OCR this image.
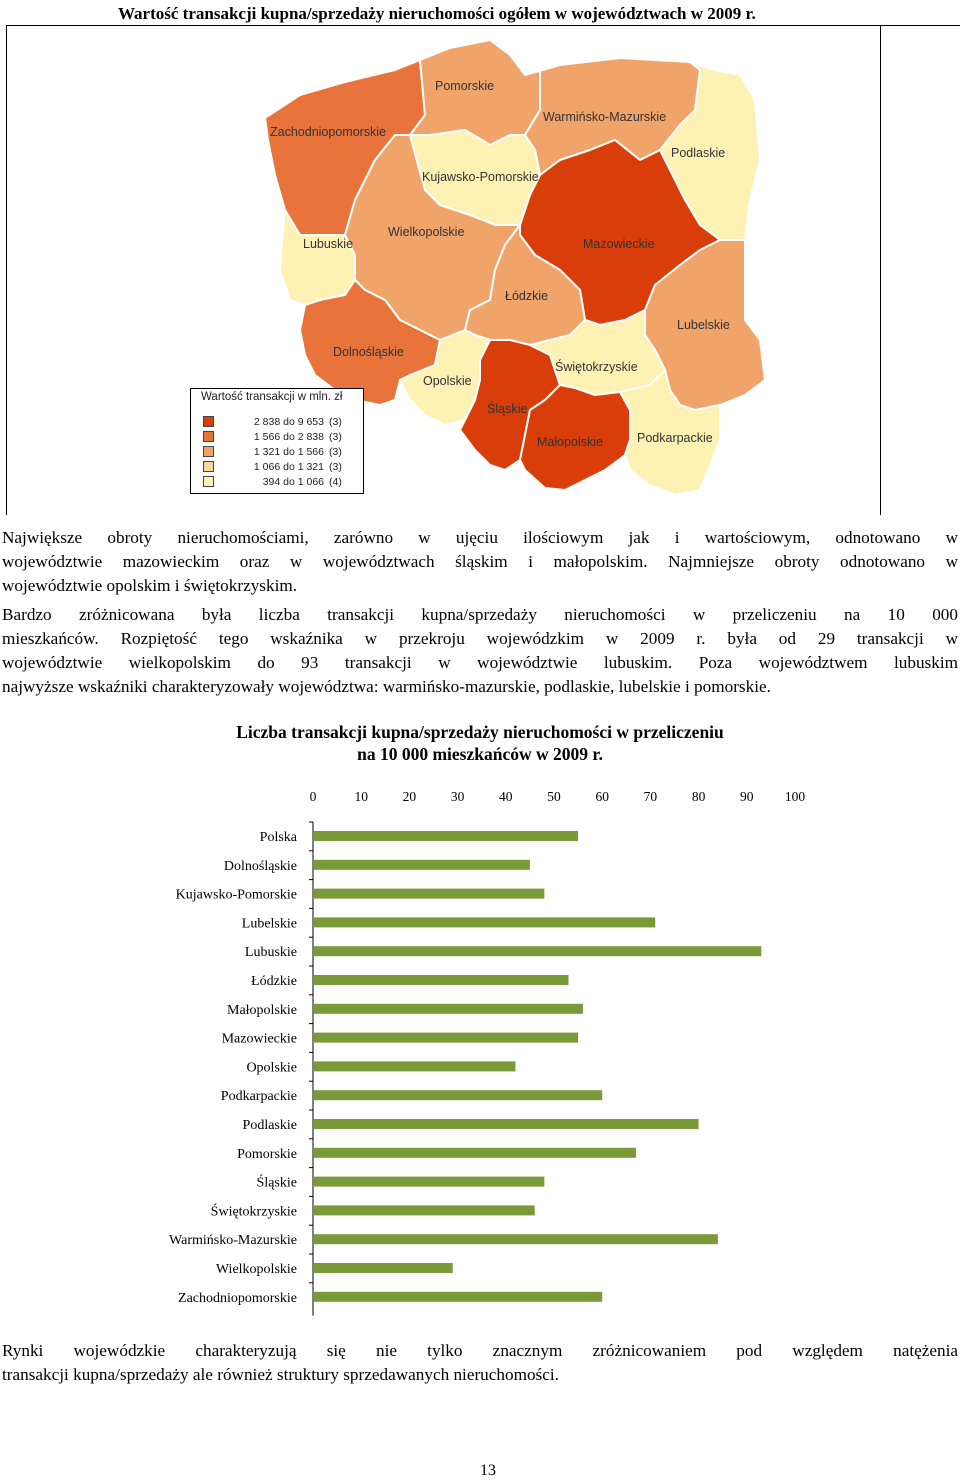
Wartość transakcji kupna/sprzedaży nieruchomości ogółem w województwach w 2009 r.
Zachodniopomorskie
Pomorskie
Warmińsko-Mazurskie
Podlaskie
Kujawsko-Pomorskie
Lubuskie
Wielkopolskie
Mazowieckie
Łódzkie
Lubelskie
Dolnośląskie
Opolskie
Śląskie
Świętokrzyskie
Małopolskie	Podkarpackie
Wartość transakcji w mln. zł
2 838 do 9 653 (3)
1 566 do 2 838 (3)
1 321 do 1 566 (3)
1 066 do 1 321 (3)
394 do 1 066 (4)
Największe obroty nieruchomościami, zarówno w ujęciu ilościowym jak i wartościowym, odnotowano w
województwie mazowieckim oraz w województwach śląskim i małopolskim. Najmniejsze obroty odnotowano w
województwie opolskim i świętokrzyskim.
Bardzo zróżnicowana była liczba transakcji kupna/sprzedaży nieruchomości w przeliczeniu na 10 000
mieszkańców. Rozpiętość tego wskaźnika w przekroju wojewódzkim w 2009 r. była od 29 transakcji w
województwie wielkopolskim do 93 transakcji w województwie lubuskim. Poza województwem lubuskim
najwyższe wskaźniki charakteryzowały województwa: warmińsko-mazurskie, podlaskie, lubelskie i pomorskie.
Liczba transakcji kupna/sprzedaży nieruchomości w przeliczeniu
na 10 000 mieszkańców w 2009 r.
0	10	20	30	40	50	60	70	80	90 100
Polska
Dolnośląskie
Kujawsko-Pomorskie
Lubelskie
Lubuskie
Łódzkie
Małopolskie
Mazowieckie
Opolskie
Podkarpackie
Podlaskie
Pomorskie
Śląskie
Świętokrzyskie
Warmińsko-Mazurskie
Wielkopolskie
Zachodniopomorskie
Rynki wojewódzkie charakteryzują się nie tylko znacznym zróżnicowaniem pod względem natężenia
transakcji kupna/sprzedaży ale również struktury sprzedawanych nieruchomości.
13
